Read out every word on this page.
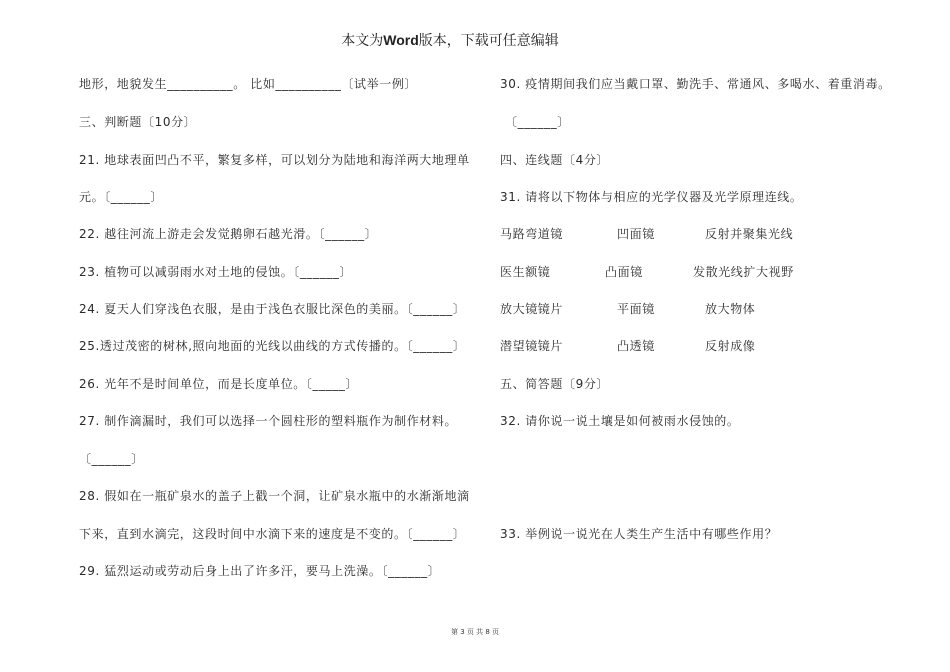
本文为Word版本，下载可任意编辑
地形，地貌发生__________。 比如__________〔试举一例〕
三、判断题〔10分〕
21. 地球表面凹凸不平，繁复多样，可以划分为陆地和海洋两大地理单
元。〔______〕
22. 越往河流上游走会发觉鹅卵石越光滑。〔______〕
23. 植物可以减弱雨水对土地的侵蚀。〔______〕
24. 夏天人们穿浅色衣服，是由于浅色衣服比深色的美丽。〔______〕
25.透过茂密的树林,照向地面的光线以曲线的方式传播的。〔______〕
26. 光年不是时间单位，而是长度单位。〔_____〕
27. 制作滴漏时，我们可以选择一个圆柱形的塑料瓶作为制作材料。
〔______〕
28. 假如在一瓶矿泉水的盖子上戳一个洞，让矿泉水瓶中的水渐渐地滴
下来，直到水滴完，这段时间中水滴下来的速度是不变的。〔______〕
29. 猛烈运动或劳动后身上出了许多汗，要马上洗澡。〔______〕
30. 疫情期间我们应当戴口罩、勤洗手、常通风、多喝水、着重消毒。
〔______〕
四、连线题〔4分〕
31. 请将以下物体与相应的光学仪器及光学原理连线。
马路弯道镜	凹面镜	反射并聚集光线
医生额镜	凸面镜	发散光线扩大视野
放大镜镜片	平面镜	放大物体
潜望镜镜片	凸透镜	反射成像
五、简答题〔9分〕
32. 请你说一说土壤是如何被雨水侵蚀的。
33. 举例说一说光在人类生产生活中有哪些作用？
第 3 页 共 8 页
